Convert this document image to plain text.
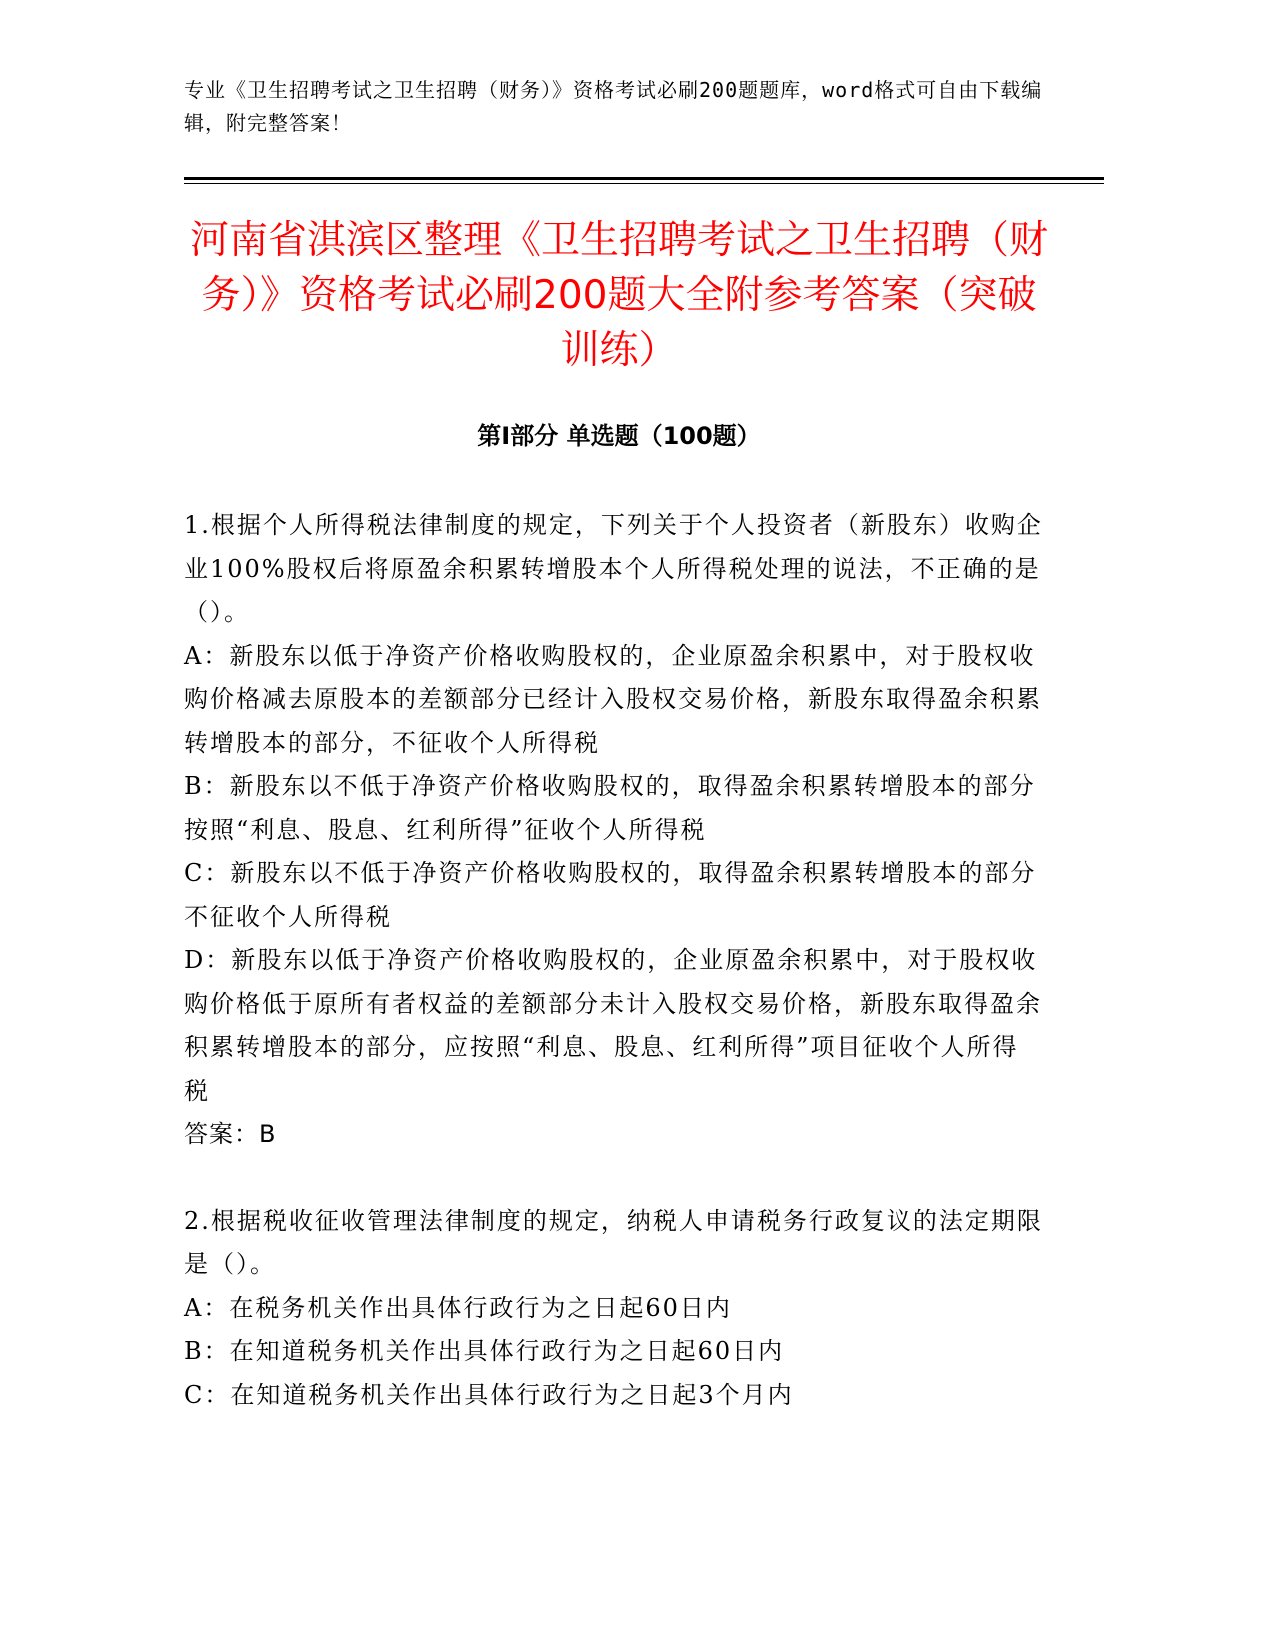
专业《卫生招聘考试之卫生招聘（财务）》资格考试必刷200题题库，word格式可自由下载编辑，附完整答案！
河南省淇滨区整理《卫生招聘考试之卫生招聘（财务）》资格考试必刷200题大全附参考答案（突破训练）
第I部分 单选题（100题）

1.根据个人所得税法律制度的规定，下列关于个人投资者（新股东）收购企业100%股权后将原盈余积累转增股本个人所得税处理的说法，不正确的是（）。

A：新股东以低于净资产价格收购股权的，企业原盈余积累中，对于股权收购价格减去原股本的差额部分已经计入股权交易价格，新股东取得盈余积累转增股本的部分，不征收个人所得税

B：新股东以不低于净资产价格收购股权的，取得盈余积累转增股本的部分按照“利息、股息、红利所得”征收个人所得税

C：新股东以不低于净资产价格收购股权的，取得盈余积累转增股本的部分不征收个人所得税

D：新股东以低于净资产价格收购股权的，企业原盈余积累中，对于股权收购价格低于原所有者权益的差额部分未计入股权交易价格，新股东取得盈余积累转增股本的部分，应按照“利息、股息、红利所得”项目征收个人所得税

答案：B

2.根据税收征收管理法律制度的规定，纳税人申请税务行政复议的法定期限是（）。

A：在税务机关作出具体行政行为之日起60日内

B：在知道税务机关作出具体行政行为之日起60日内

C：在知道税务机关作出具体行政行为之日起3个月内
